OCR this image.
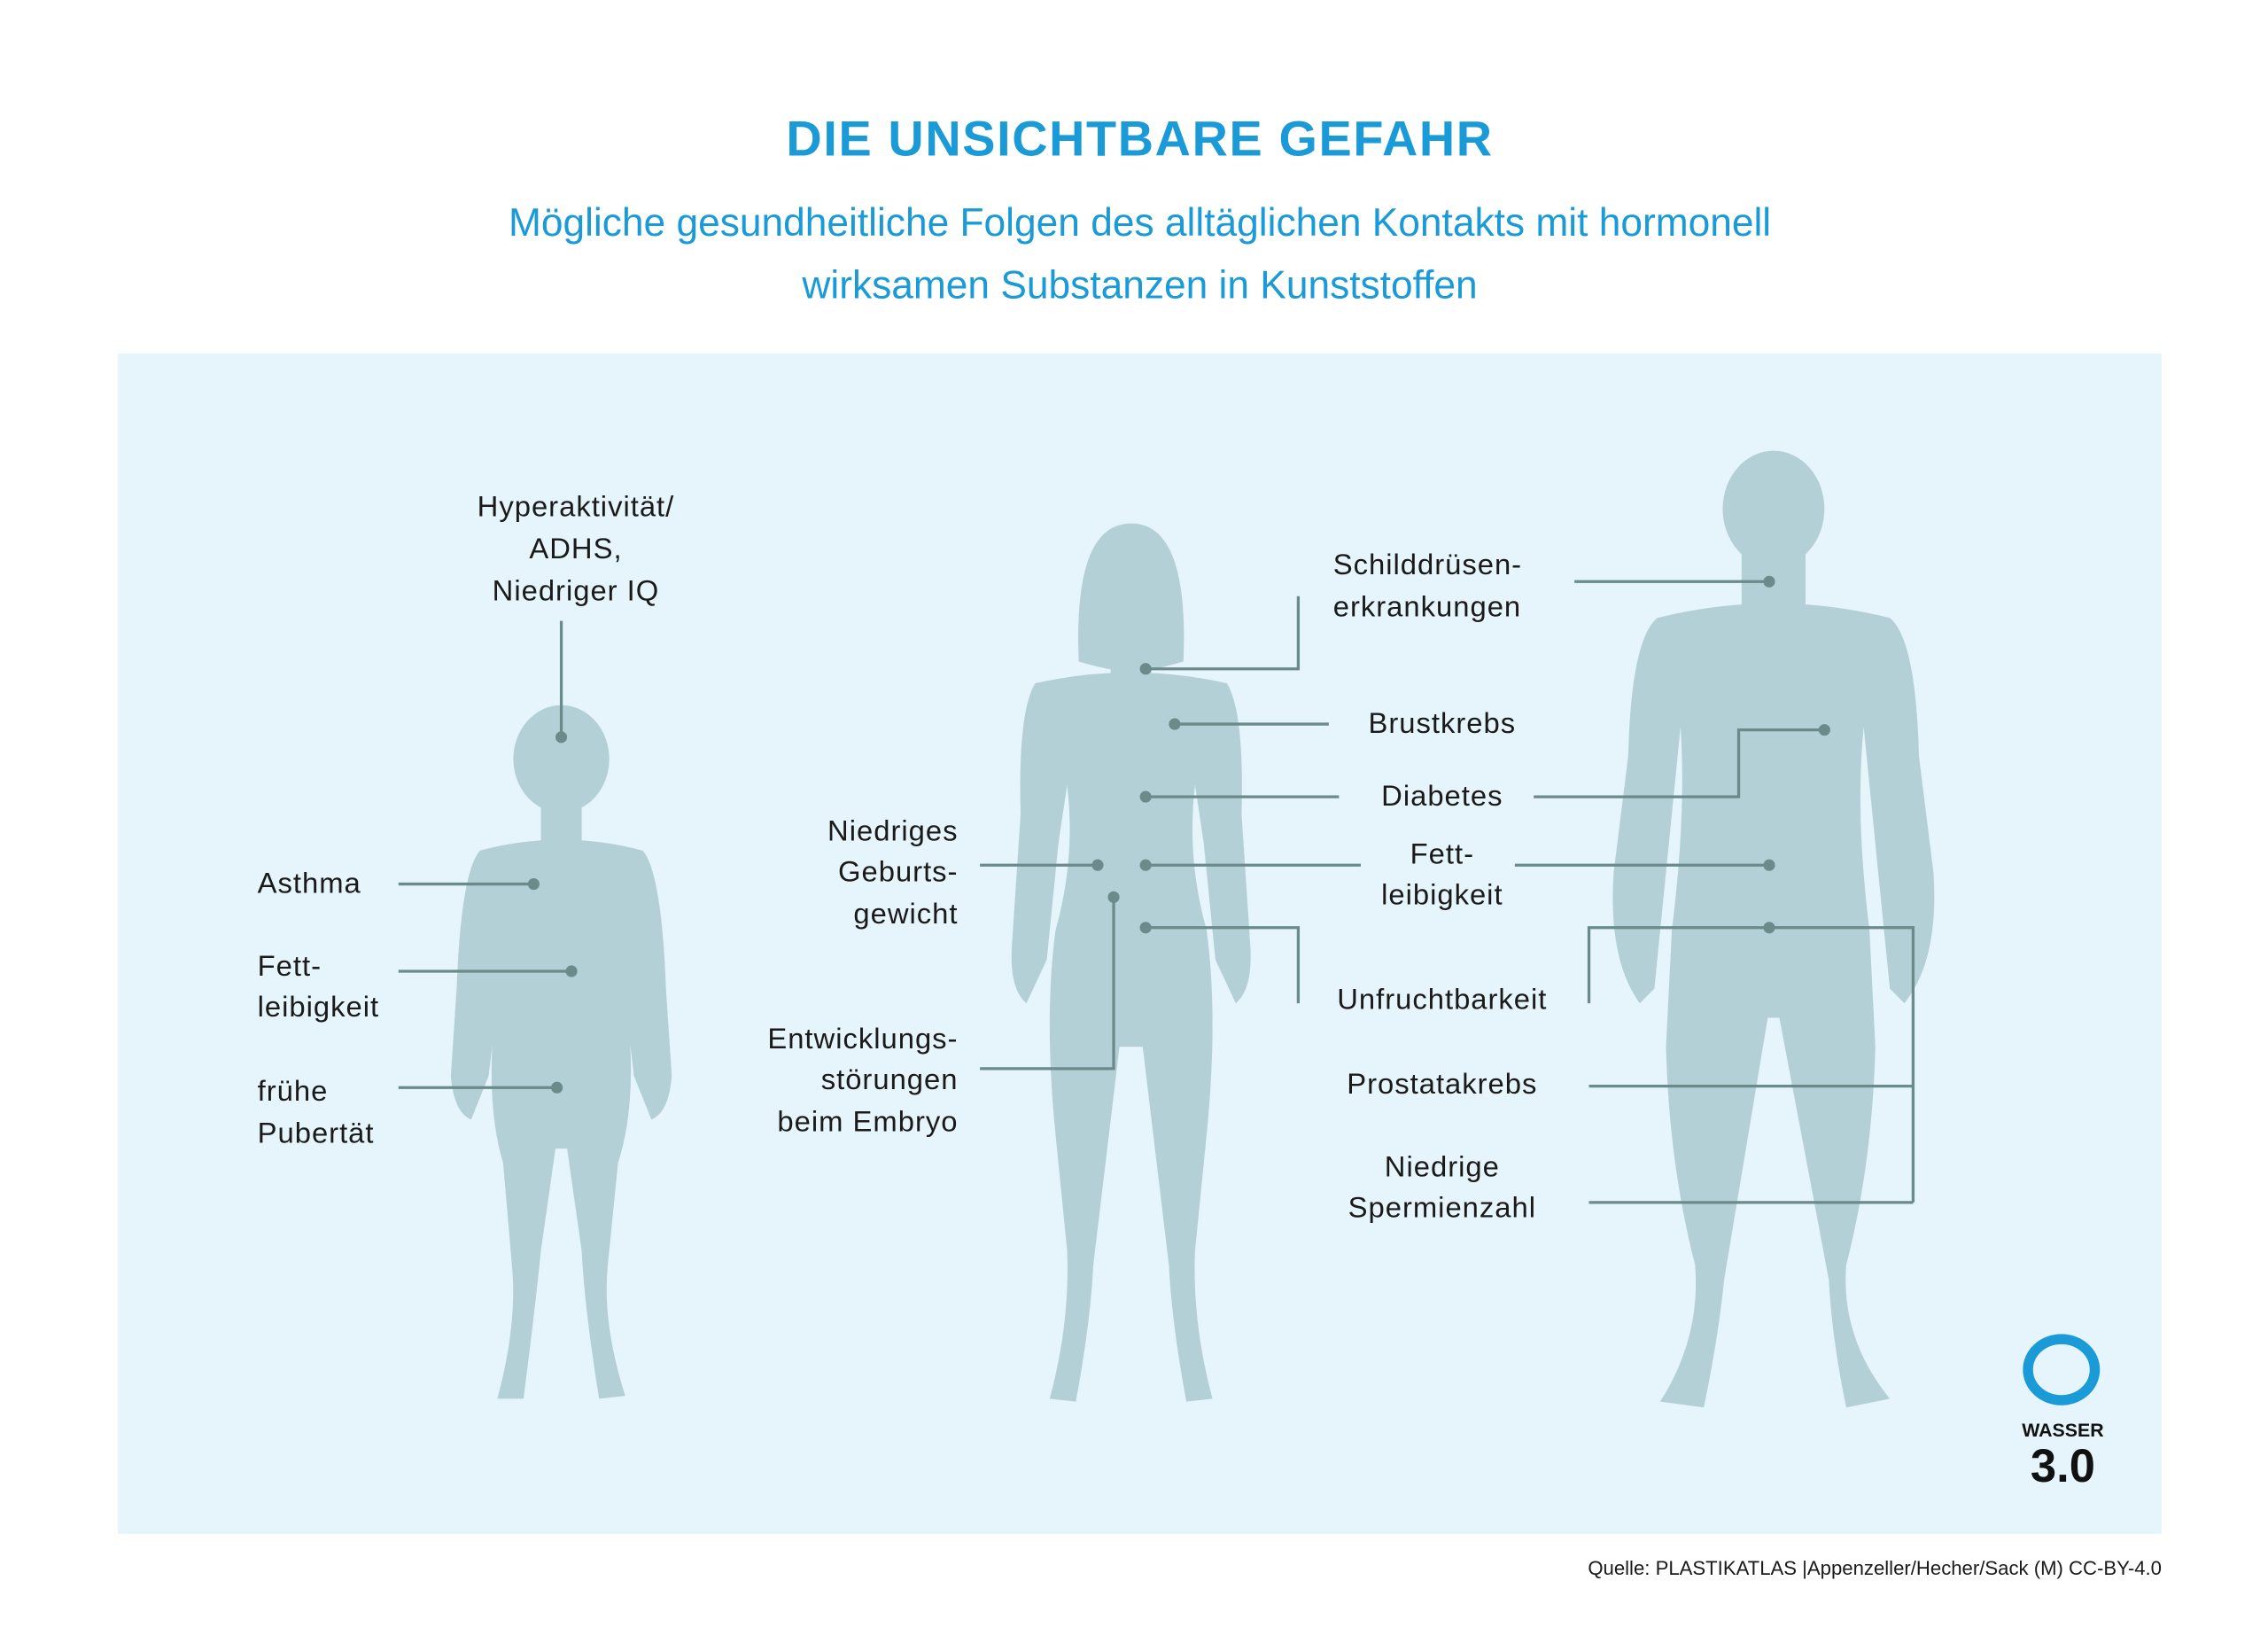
DIE UNSICHTBARE GEFAHR
Mögliche gesundheitliche Folgen des alltäglichen Kontakts mit hormonell
wirksamen Substanzen in Kunststoffen
Hyperaktivität/
ADHS,
Niedriger IQ
Asthma
Fett-
leibigkeit
frühe
Pubertät
Niedriges
Geburts-
gewicht
Entwicklungs-
störungen
beim Embryo
Schilddrüsen-
erkrankungen
Brustkrebs
Diabetes
Fett-
leibigkeit
Unfruchtbarkeit
Prostatakrebs
Niedrige
Spermienzahl
WASSER
3.0
Quelle: PLASTIKATLAS |Appenzeller/Hecher/Sack (M) CC-BY-4.0
